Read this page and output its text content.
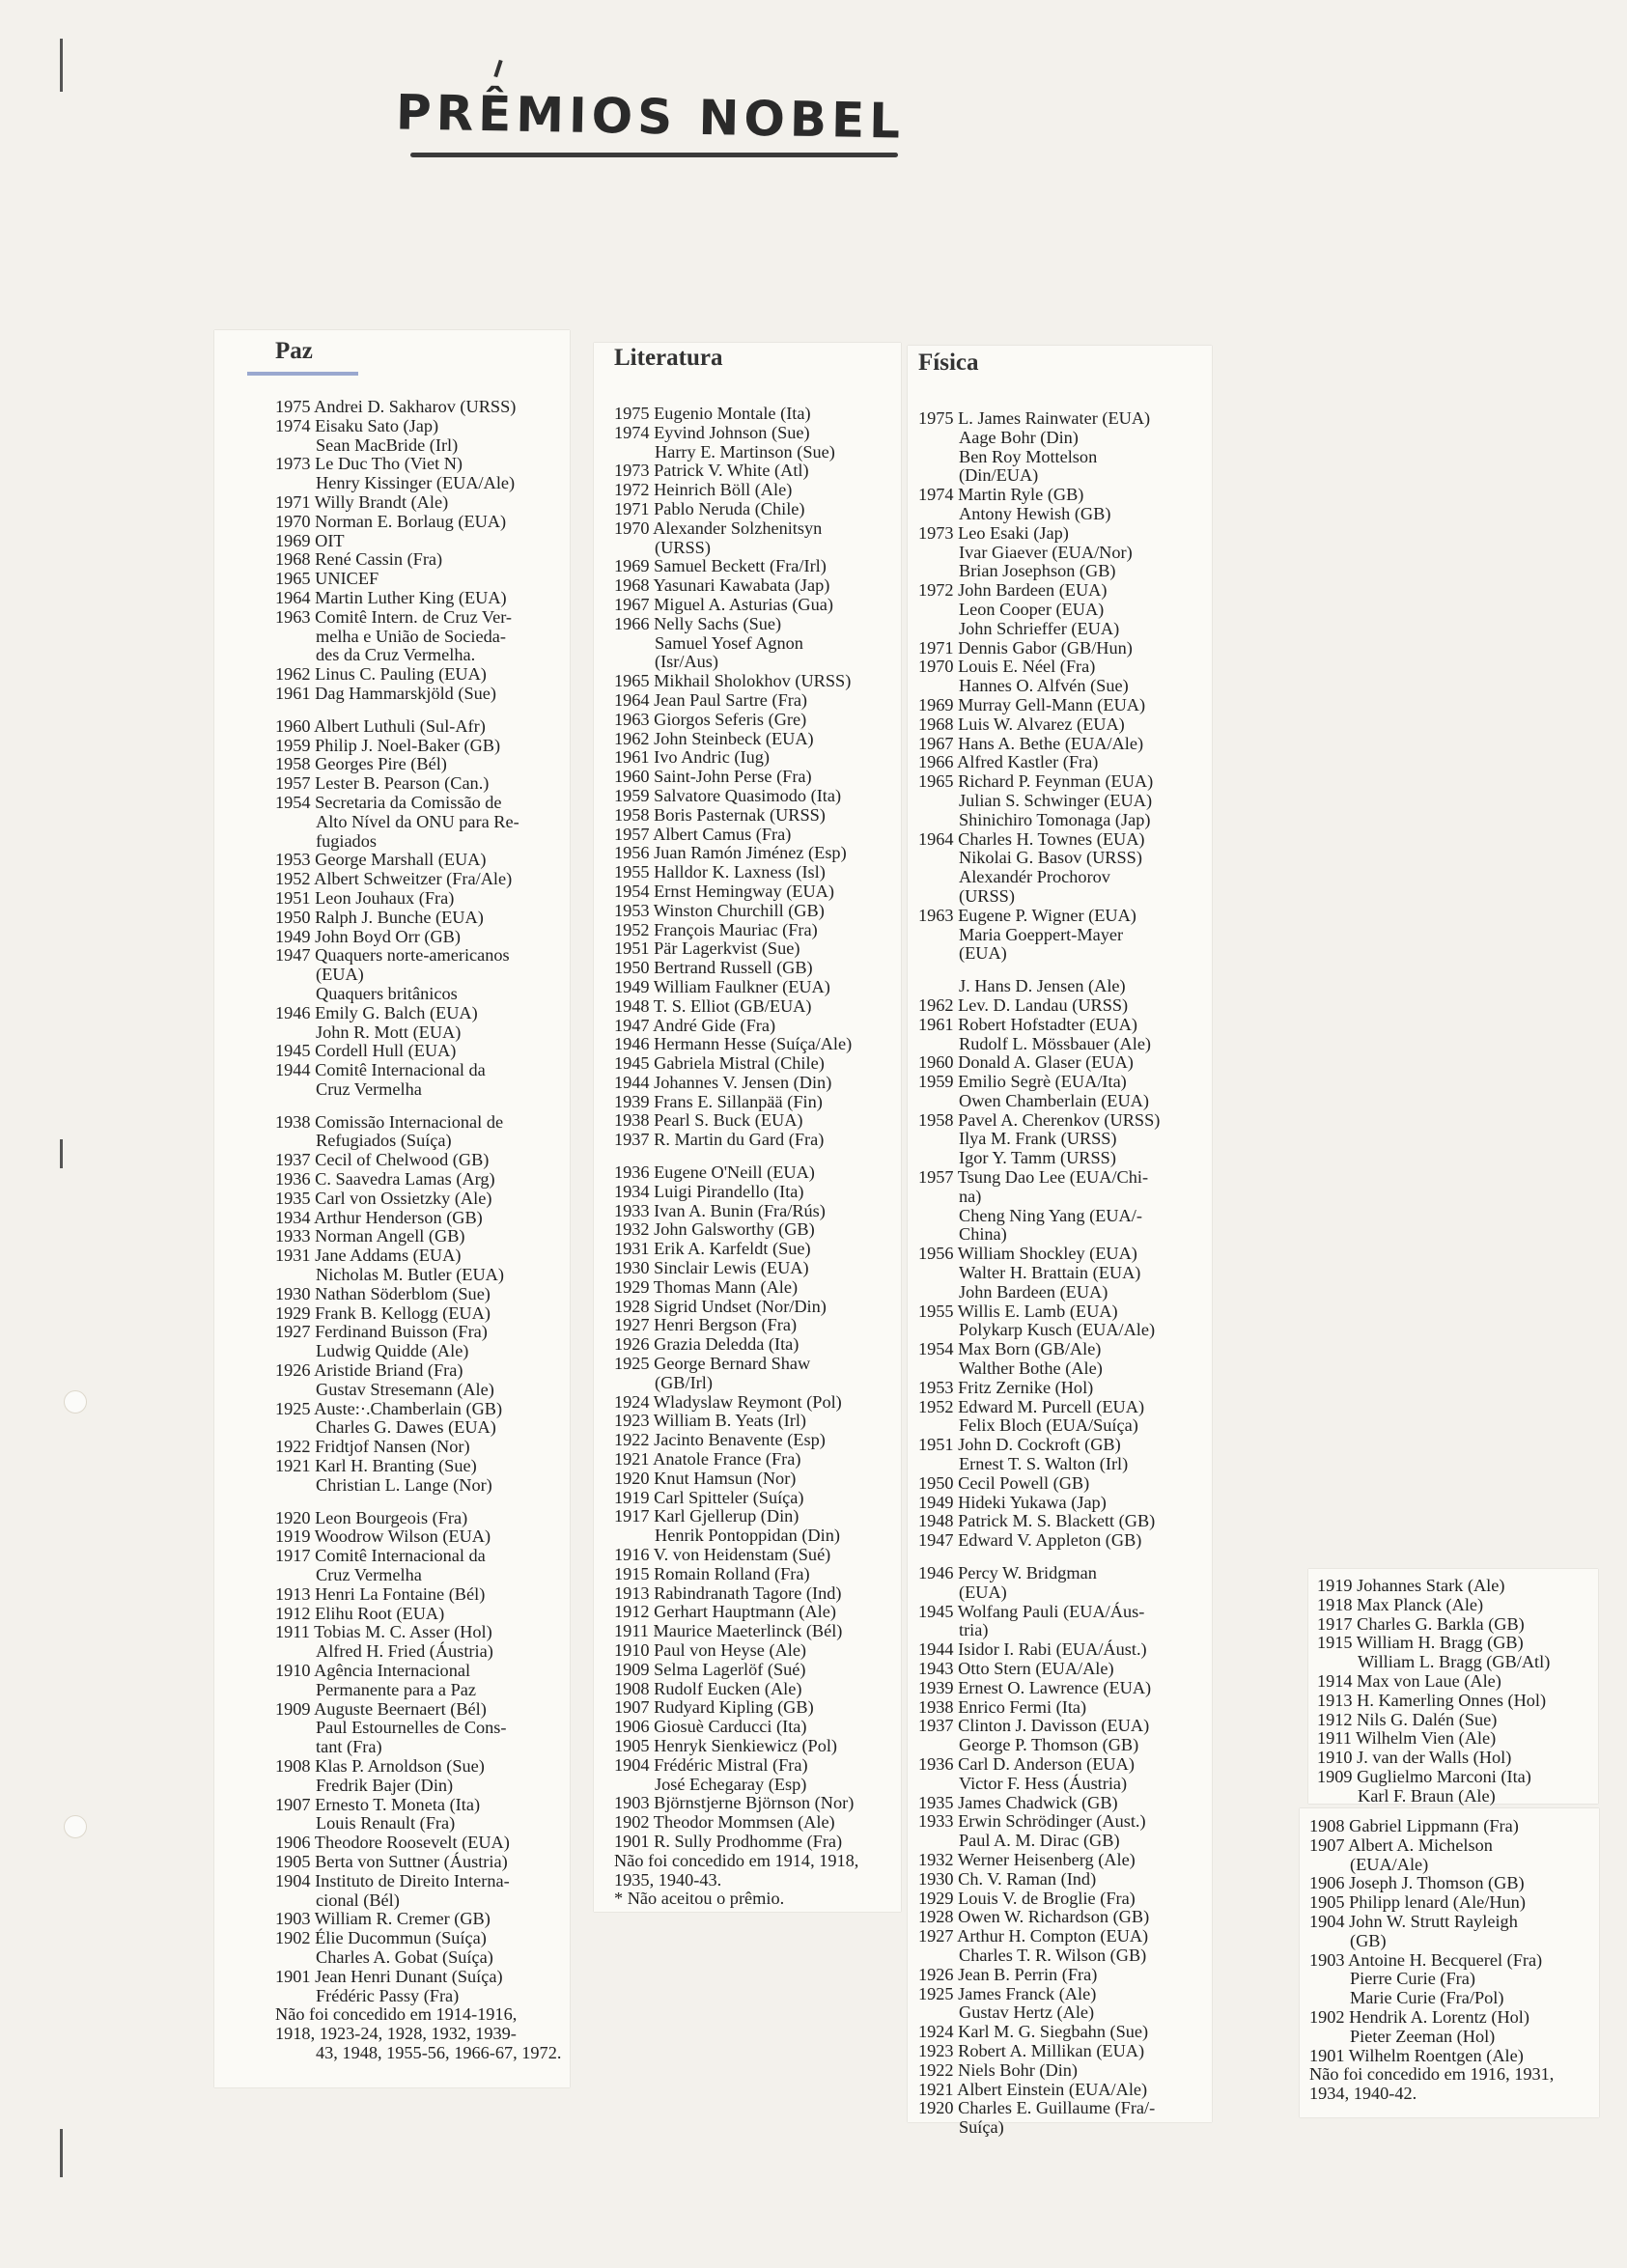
PRÊMIOS NOBEL
Paz
1975 Andrei D. Sakharov (URSS)
1974 Eisaku Sato (Jap)
Sean MacBride (Irl)
1973 Le Duc Tho (Viet N)
Henry Kissinger (EUA/Ale)
1971 Willy Brandt (Ale)
1970 Norman E. Borlaug (EUA)
1969 OIT
1968 René Cassin (Fra)
1965 UNICEF
1964 Martin Luther King (EUA)
1963 Comitê Intern. de Cruz Ver-
melha e União de Socieda-
des da Cruz Vermelha.
1962 Linus C. Pauling (EUA)
1961 Dag Hammarskjöld (Sue)
1960 Albert Luthuli (Sul-Afr)
1959 Philip J. Noel-Baker (GB)
1958 Georges Pire (Bél)
1957 Lester B. Pearson (Can.)
1954 Secretaria da Comissão de
Alto Nível da ONU para Re-
fugiados
1953 George Marshall (EUA)
1952 Albert Schweitzer (Fra/Ale)
1951 Leon Jouhaux (Fra)
1950 Ralph J. Bunche (EUA)
1949 John Boyd Orr (GB)
1947 Quaquers norte-americanos
(EUA)
Quaquers britânicos
1946 Emily G. Balch (EUA)
John R. Mott (EUA)
1945 Cordell Hull (EUA)
1944 Comitê Internacional da
Cruz Vermelha
1938 Comissão Internacional de
Refugiados (Suíça)
1937 Cecil of Chelwood (GB)
1936 C. Saavedra Lamas (Arg)
1935 Carl von Ossietzky (Ale)
1934 Arthur Henderson (GB)
1933 Norman Angell (GB)
1931 Jane Addams (EUA)
Nicholas M. Butler (EUA)
1930 Nathan Söderblom (Sue)
1929 Frank B. Kellogg (EUA)
1927 Ferdinand Buisson (Fra)
Ludwig Quidde (Ale)
1926 Aristide Briand (Fra)
Gustav Stresemann (Ale)
1925 Auste:·.Chamberlain (GB)
Charles G. Dawes (EUA)
1922 Fridtjof Nansen (Nor)
1921 Karl H. Branting (Sue)
Christian L. Lange (Nor)
1920 Leon Bourgeois (Fra)
1919 Woodrow Wilson (EUA)
1917 Comitê Internacional da
Cruz Vermelha
1913 Henri La Fontaine (Bél)
1912 Elihu Root (EUA)
1911 Tobias M. C. Asser (Hol)
Alfred H. Fried (Áustria)
1910 Agência Internacional
Permanente para a Paz
1909 Auguste Beernaert (Bél)
Paul Estournelles de Cons-
tant (Fra)
1908 Klas P. Arnoldson (Sue)
Fredrik Bajer (Din)
1907 Ernesto T. Moneta (Ita)
Louis Renault (Fra)
1906 Theodore Roosevelt (EUA)
1905 Berta von Suttner (Áustria)
1904 Instituto de Direito Interna-
cional (Bél)
1903 William R. Cremer (GB)
1902 Élie Ducommun (Suíça)
Charles A. Gobat (Suíça)
1901 Jean Henri Dunant (Suíça)
Frédéric Passy (Fra)
Não foi concedido em 1914-1916,
1918, 1923-24, 1928, 1932, 1939-
43, 1948, 1955-56, 1966-67, 1972.
Literatura
1975 Eugenio Montale (Ita)
1974 Eyvind Johnson (Sue)
Harry E. Martinson (Sue)
1973 Patrick V. White (Atl)
1972 Heinrich Böll (Ale)
1971 Pablo Neruda (Chile)
1970 Alexander Solzhenitsyn
(URSS)
1969 Samuel Beckett (Fra/Irl)
1968 Yasunari Kawabata (Jap)
1967 Miguel A. Asturias (Gua)
1966 Nelly Sachs (Sue)
Samuel Yosef Agnon
(Isr/Aus)
1965 Mikhail Sholokhov (URSS)
1964 Jean Paul Sartre (Fra)
1963 Giorgos Seferis (Gre)
1962 John Steinbeck (EUA)
1961 Ivo Andric (Iug)
1960 Saint-John Perse (Fra)
1959 Salvatore Quasimodo (Ita)
1958 Boris Pasternak (URSS)
1957 Albert Camus (Fra)
1956 Juan Ramón Jiménez (Esp)
1955 Halldor K. Laxness (Isl)
1954 Ernst Hemingway (EUA)
1953 Winston Churchill (GB)
1952 François Mauriac (Fra)
1951 Pär Lagerkvist (Sue)
1950 Bertrand Russell (GB)
1949 William Faulkner (EUA)
1948 T. S. Elliot (GB/EUA)
1947 André Gide (Fra)
1946 Hermann Hesse (Suíça/Ale)
1945 Gabriela Mistral (Chile)
1944 Johannes V. Jensen (Din)
1939 Frans E. Sillanpää (Fin)
1938 Pearl S. Buck (EUA)
1937 R. Martin du Gard (Fra)
1936 Eugene O'Neill (EUA)
1934 Luigi Pirandello (Ita)
1933 Ivan A. Bunin (Fra/Rús)
1932 John Galsworthy (GB)
1931 Erik A. Karfeldt (Sue)
1930 Sinclair Lewis (EUA)
1929 Thomas Mann (Ale)
1928 Sigrid Undset (Nor/Din)
1927 Henri Bergson (Fra)
1926 Grazia Deledda (Ita)
1925 George Bernard Shaw
(GB/Irl)
1924 Wladyslaw Reymont (Pol)
1923 William B. Yeats (Irl)
1922 Jacinto Benavente (Esp)
1921 Anatole France (Fra)
1920 Knut Hamsun (Nor)
1919 Carl Spitteler (Suíça)
1917 Karl Gjellerup (Din)
Henrik Pontoppidan (Din)
1916 V. von Heidenstam (Sué)
1915 Romain Rolland (Fra)
1913 Rabindranath Tagore (Ind)
1912 Gerhart Hauptmann (Ale)
1911 Maurice Maeterlinck (Bél)
1910 Paul von Heyse (Ale)
1909 Selma Lagerlöf (Sué)
1908 Rudolf Eucken (Ale)
1907 Rudyard Kipling (GB)
1906 Giosuè Carducci (Ita)
1905 Henryk Sienkiewicz (Pol)
1904 Frédéric Mistral (Fra)
José Echegaray (Esp)
1903 Björnstjerne Björnson (Nor)
1902 Theodor Mommsen (Ale)
1901 R. Sully Prodhomme (Fra)
Não foi concedido em 1914, 1918,
1935, 1940-43.
* Não aceitou o prêmio.
Física
1975 L. James Rainwater (EUA)
Aage Bohr (Din)
Ben Roy Mottelson
(Din/EUA)
1974 Martin Ryle (GB)
Antony Hewish (GB)
1973 Leo Esaki (Jap)
Ivar Giaever (EUA/Nor)
Brian Josephson (GB)
1972 John Bardeen (EUA)
Leon Cooper (EUA)
John Schrieffer (EUA)
1971 Dennis Gabor (GB/Hun)
1970 Louis E. Néel (Fra)
Hannes O. Alfvén (Sue)
1969 Murray Gell-Mann (EUA)
1968 Luis W. Alvarez (EUA)
1967 Hans A. Bethe (EUA/Ale)
1966 Alfred Kastler (Fra)
1965 Richard P. Feynman (EUA)
Julian S. Schwinger (EUA)
Shinichiro Tomonaga (Jap)
1964 Charles H. Townes (EUA)
Nikolai G. Basov (URSS)
Alexandér Prochorov
(URSS)
1963 Eugene P. Wigner (EUA)
Maria Goeppert-Mayer
(EUA)
J. Hans D. Jensen (Ale)
1962 Lev. D. Landau (URSS)
1961 Robert Hofstadter (EUA)
Rudolf L. Mössbauer (Ale)
1960 Donald A. Glaser (EUA)
1959 Emilio Segrè (EUA/Ita)
Owen Chamberlain (EUA)
1958 Pavel A. Cherenkov (URSS)
Ilya M. Frank (URSS)
Igor Y. Tamm (URSS)
1957 Tsung Dao Lee (EUA/Chi-
na)
Cheng Ning Yang (EUA/-
China)
1956 William Shockley (EUA)
Walter H. Brattain (EUA)
John Bardeen (EUA)
1955 Willis E. Lamb (EUA)
Polykarp Kusch (EUA/Ale)
1954 Max Born (GB/Ale)
Walther Bothe (Ale)
1953 Fritz Zernike (Hol)
1952 Edward M. Purcell (EUA)
Felix Bloch (EUA/Suíça)
1951 John D. Cockroft (GB)
Ernest T. S. Walton (Irl)
1950 Cecil Powell (GB)
1949 Hideki Yukawa (Jap)
1948 Patrick M. S. Blackett (GB)
1947 Edward V. Appleton (GB)
1946 Percy W. Bridgman
(EUA)
1945 Wolfang Pauli (EUA/Áus-
tria)
1944 Isidor I. Rabi (EUA/Áust.)
1943 Otto Stern (EUA/Ale)
1939 Ernest O. Lawrence (EUA)
1938 Enrico Fermi (Ita)
1937 Clinton J. Davisson (EUA)
George P. Thomson (GB)
1936 Carl D. Anderson (EUA)
Victor F. Hess (Áustria)
1935 James Chadwick (GB)
1933 Erwin Schrödinger (Aust.)
Paul A. M. Dirac (GB)
1932 Werner Heisenberg (Ale)
1930 Ch. V. Raman (Ind)
1929 Louis V. de Broglie (Fra)
1928 Owen W. Richardson (GB)
1927 Arthur H. Compton (EUA)
Charles T. R. Wilson (GB)
1926 Jean B. Perrin (Fra)
1925 James Franck (Ale)
Gustav Hertz (Ale)
1924 Karl M. G. Siegbahn (Sue)
1923 Robert A. Millikan (EUA)
1922 Niels Bohr (Din)
1921 Albert Einstein (EUA/Ale)
1920 Charles E. Guillaume (Fra/-
Suíça)
1919 Johannes Stark (Ale)
1918 Max Planck (Ale)
1917 Charles G. Barkla (GB)
1915 William H. Bragg (GB)
William L. Bragg (GB/Atl)
1914 Max von Laue (Ale)
1913 H. Kamerling Onnes (Hol)
1912 Nils G. Dalén (Sue)
1911 Wilhelm Vien (Ale)
1910 J. van der Walls (Hol)
1909 Guglielmo Marconi (Ita)
Karl F. Braun (Ale)
1908 Gabriel Lippmann (Fra)
1907 Albert A. Michelson
(EUA/Ale)
1906 Joseph J. Thomson (GB)
1905 Philipp lenard (Ale/Hun)
1904 John W. Strutt Rayleigh
(GB)
1903 Antoine H. Becquerel (Fra)
Pierre Curie (Fra)
Marie Curie (Fra/Pol)
1902 Hendrik A. Lorentz (Hol)
Pieter Zeeman (Hol)
1901 Wilhelm Roentgen (Ale)
Não foi concedido em 1916, 1931,
1934, 1940-42.
